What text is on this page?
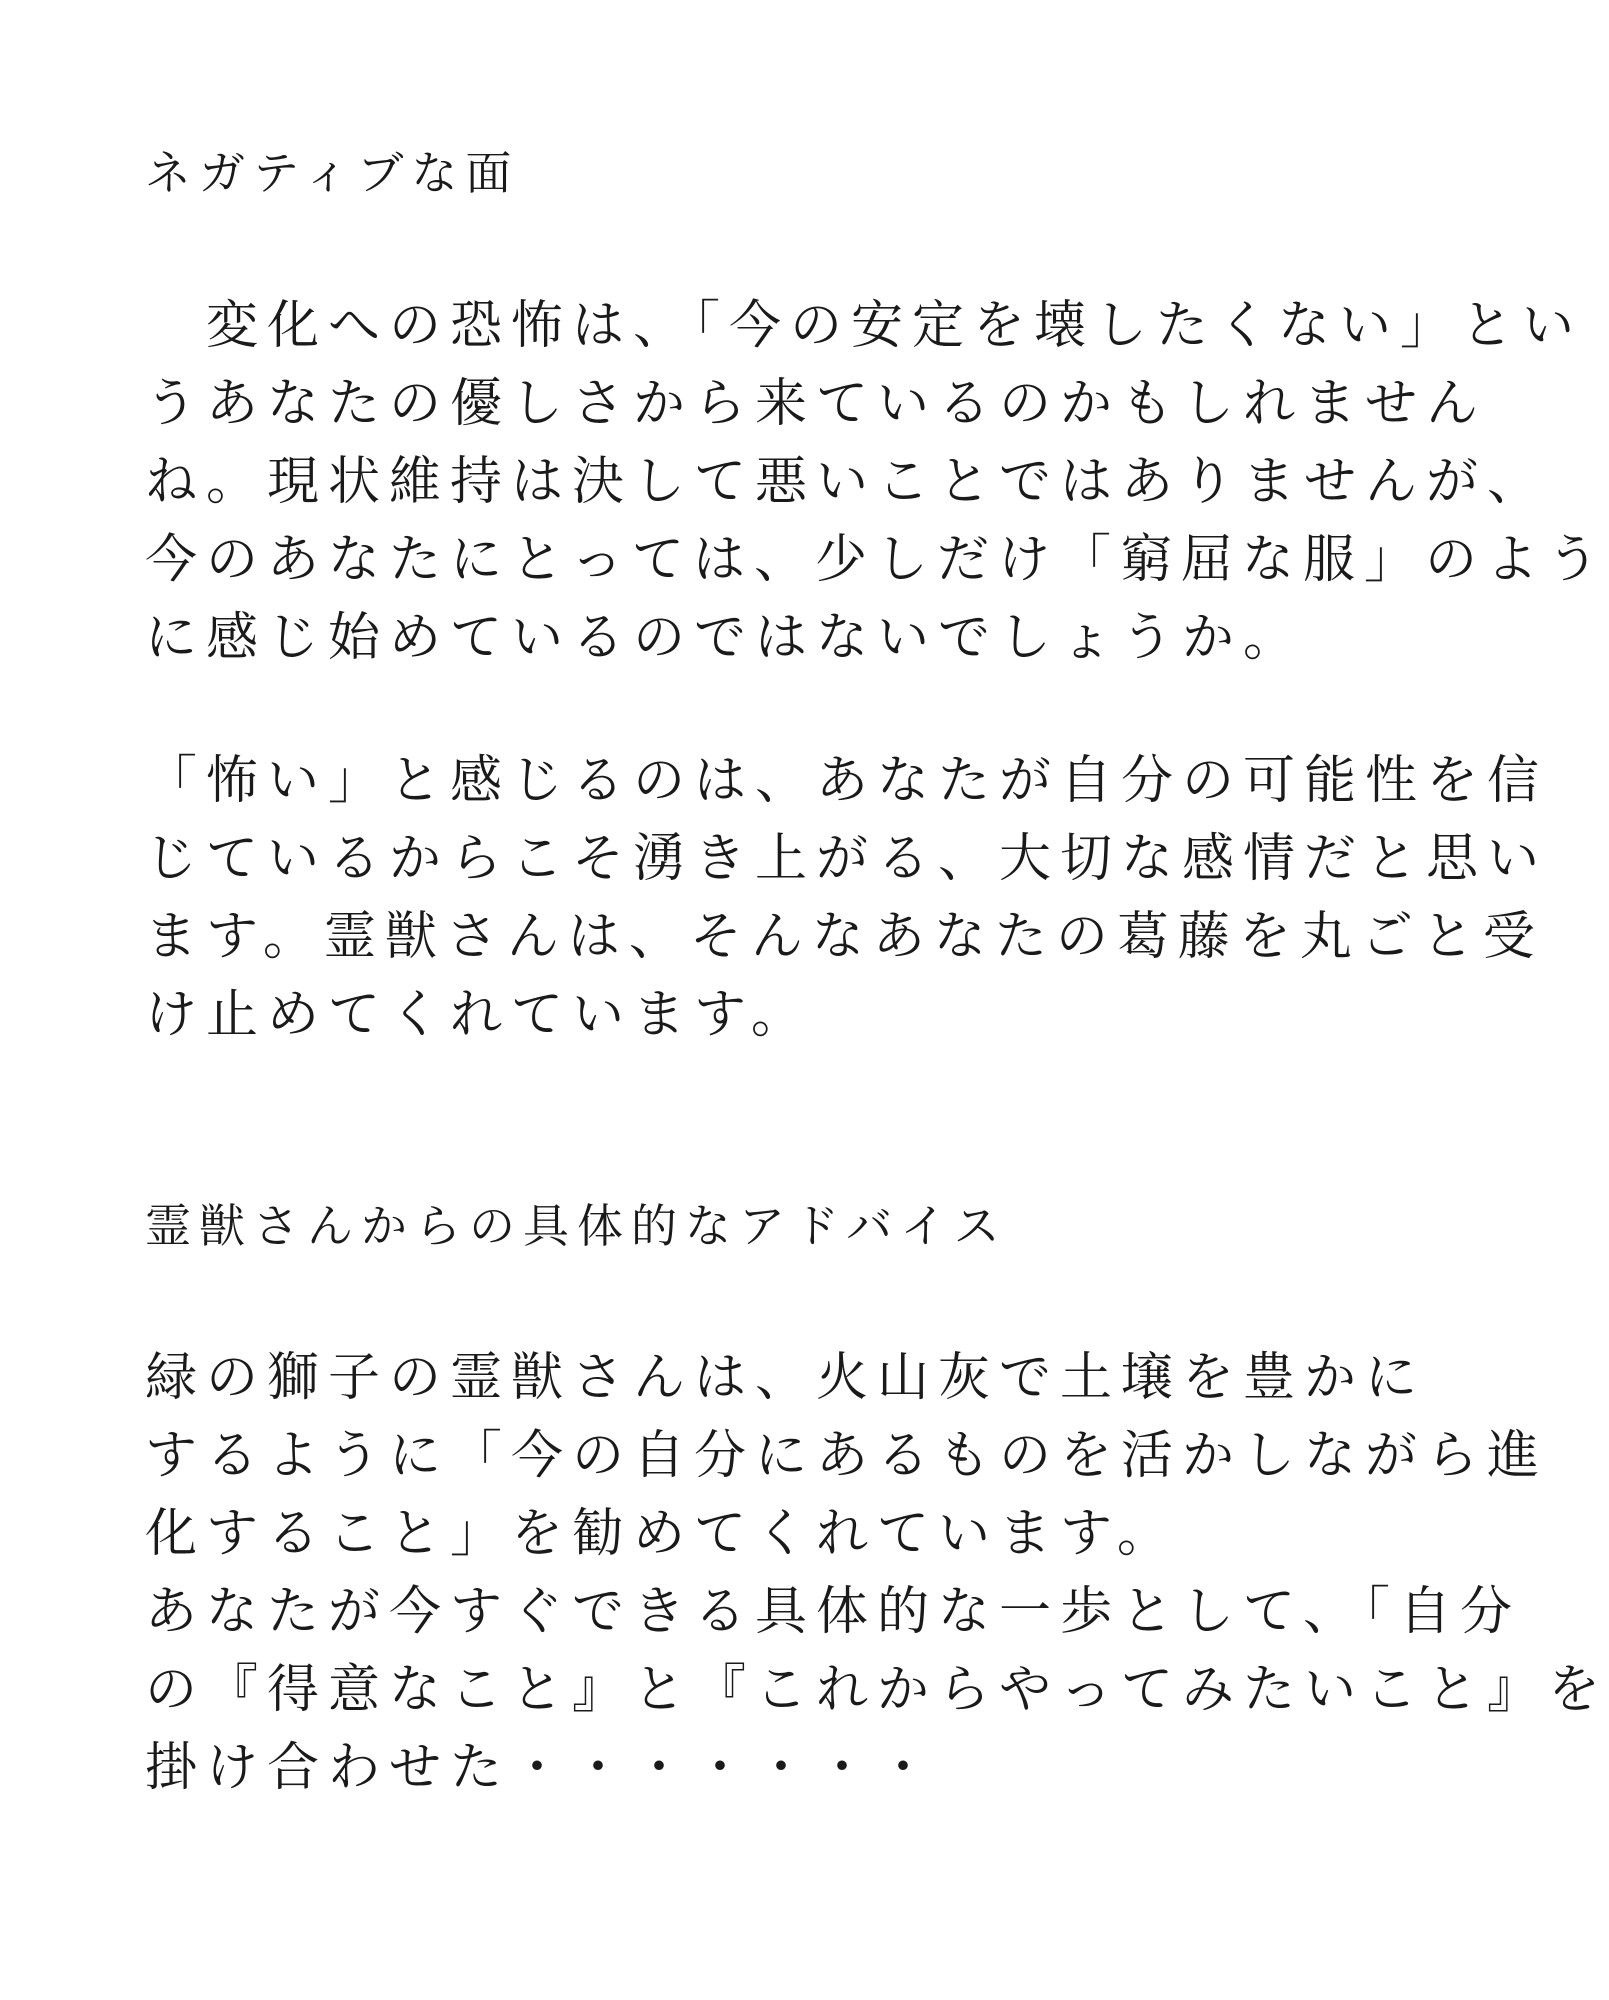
ネガティブな面
　変化への恐怖は、「今の安定を壊したくない」とい
うあなたの優しさから来ているのかもしれません
ね。現状維持は決して悪いことではありませんが、
今のあなたにとっては、少しだけ「窮屈な服」のよう
に感じ始めているのではないでしょうか。
「怖い」と感じるのは、あなたが自分の可能性を信
じているからこそ湧き上がる、大切な感情だと思い
ます。霊獣さんは、そんなあなたの葛藤を丸ごと受
け止めてくれています。
霊獣さんからの具体的なアドバイス
緑の獅子の霊獣さんは、火山灰で土壌を豊かに
するように「今の自分にあるものを活かしながら進
化すること」を勧めてくれています。
あなたが今すぐできる具体的な一歩として、「自分
の『得意なこと』と『これからやってみたいこと』を
掛け合わせた・・・・・・・
